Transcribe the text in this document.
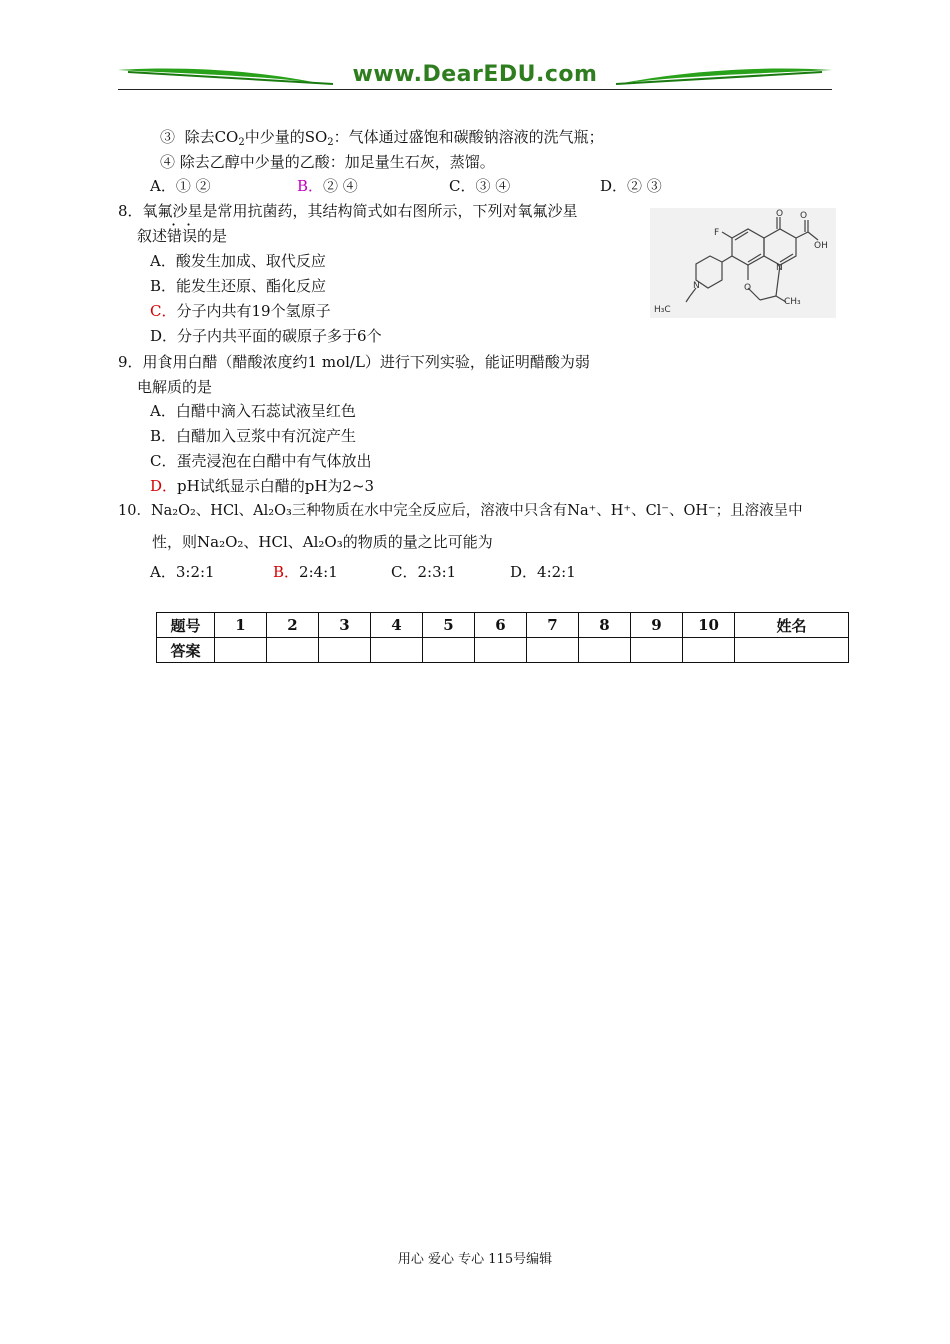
www.DearEDU.com
③ 除去$CO_2$中少量的$SO_2$：气体通过盛饱和碳酸钠溶液的洗气瓶；
④ 除去乙醇中少量的乙酸：加足量生石灰，蒸馏。
A．① ②	B．② ④	C．③ ④	D．② ③
8．氧氟沙星是常用抗菌药，其结构简式如右图所示，下列对氧氟沙星
叙述错误的是
A．酸发生加成、取代反应
B．能发生还原、酯化反应
C．分子内共有19个氢原子
D．分子内共平面的碳原子多于6个
F
O O
OH
N
N	O
CH₃
H₃C
9．用食用白醋（醋酸浓度约1 mol/L）进行下列实验，能证明醋酸为弱
电解质的是
A．白醋中滴入石蕊试液呈红色
B．白醋加入豆浆中有沉淀产生
C．蛋壳浸泡在白醋中有气体放出
D．pH试纸显示白醋的pH为2~3
10．Na₂O₂、HCl、Al₂O₃三种物质在水中完全反应后，溶液中只含有Na⁺、H⁺、Cl⁻、OH⁻；且溶液呈中
性，则Na₂O₂、HCl、Al₂O₃的物质的量之比可能为
A．3:2:1	B．2:4:1	C．2:3:1	D．4:2:1
题号	1	2	3	4	5	6	7	8	9	10	姓名
答案											
用心 爱心 专心 115号编辑
